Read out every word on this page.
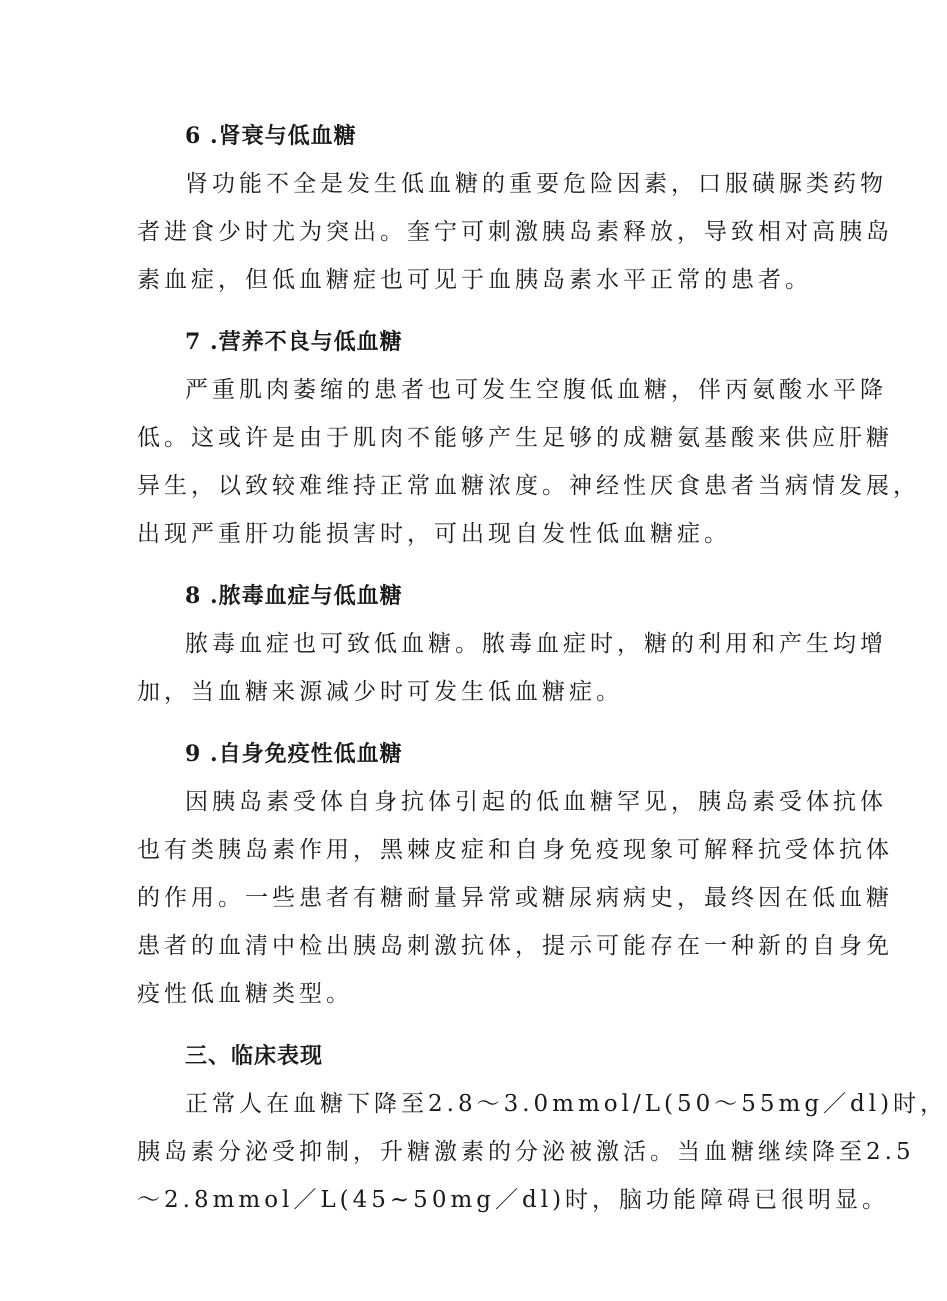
6 .肾衰与低血糖

肾功能不全是发生低血糖的重要危险因素，口服磺脲类药物
者进食少时尤为突出。奎宁可刺激胰岛素释放，导致相对高胰岛
素血症，但低血糖症也可见于血胰岛素水平正常的患者。

7 .营养不良与低血糖

严重肌肉萎缩的患者也可发生空腹低血糖，伴丙氨酸水平降
低。这或许是由于肌肉不能够产生足够的成糖氨基酸来供应肝糖
异生，以致较难维持正常血糖浓度。神经性厌食患者当病情发展，
出现严重肝功能损害时，可出现自发性低血糖症。

8 .脓毒血症与低血糖

脓毒血症也可致低血糖。脓毒血症时，糖的利用和产生均增
加，当血糖来源减少时可发生低血糖症。

9 .自身免疫性低血糖

因胰岛素受体自身抗体引起的低血糖罕见，胰岛素受体抗体
也有类胰岛素作用，黑棘皮症和自身免疫现象可解释抗受体抗体
的作用。一些患者有糖耐量异常或糖尿病病史，最终因在低血糖
患者的血清中检出胰岛刺激抗体，提示可能存在一种新的自身免
疫性低血糖类型。

三、临床表现

正常人在血糖下降至2.8～3.0mmol/L(50～55mg／dl)时，
胰岛素分泌受抑制，升糖激素的分泌被激活。当血糖继续降至2.5
～2.8mmol／L(45~50mg／dl)时，脑功能障碍已很明显。
